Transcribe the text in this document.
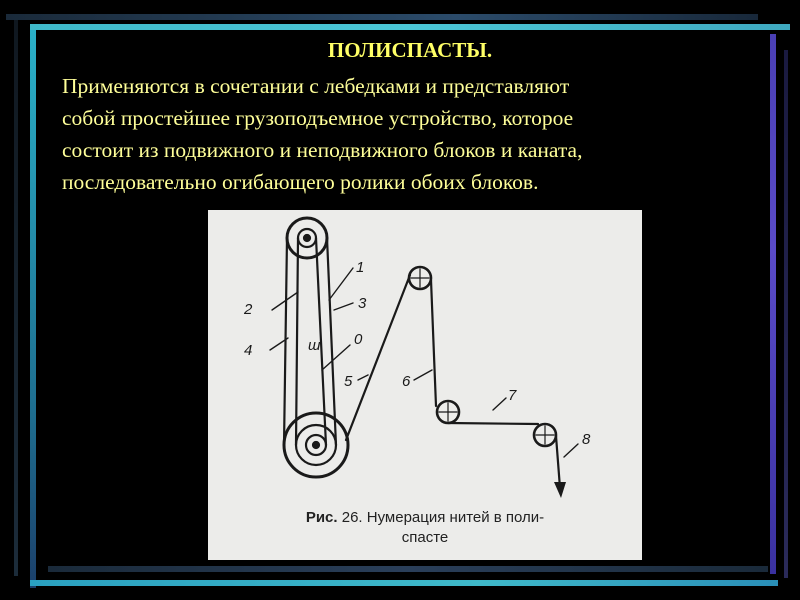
ПОЛИСПАСТЫ.
Применяются в сочетании с лебедками и представляют
собой простейшее грузоподъемное устройство, которое
состоит из подвижного и неподвижного блоков и каната,
последовательно огибающего ролики обоих блоков.
1
2	3
4	ш 0
5	6
7
8
Рис. 26. Нумерация нитей в поли-
спасте
